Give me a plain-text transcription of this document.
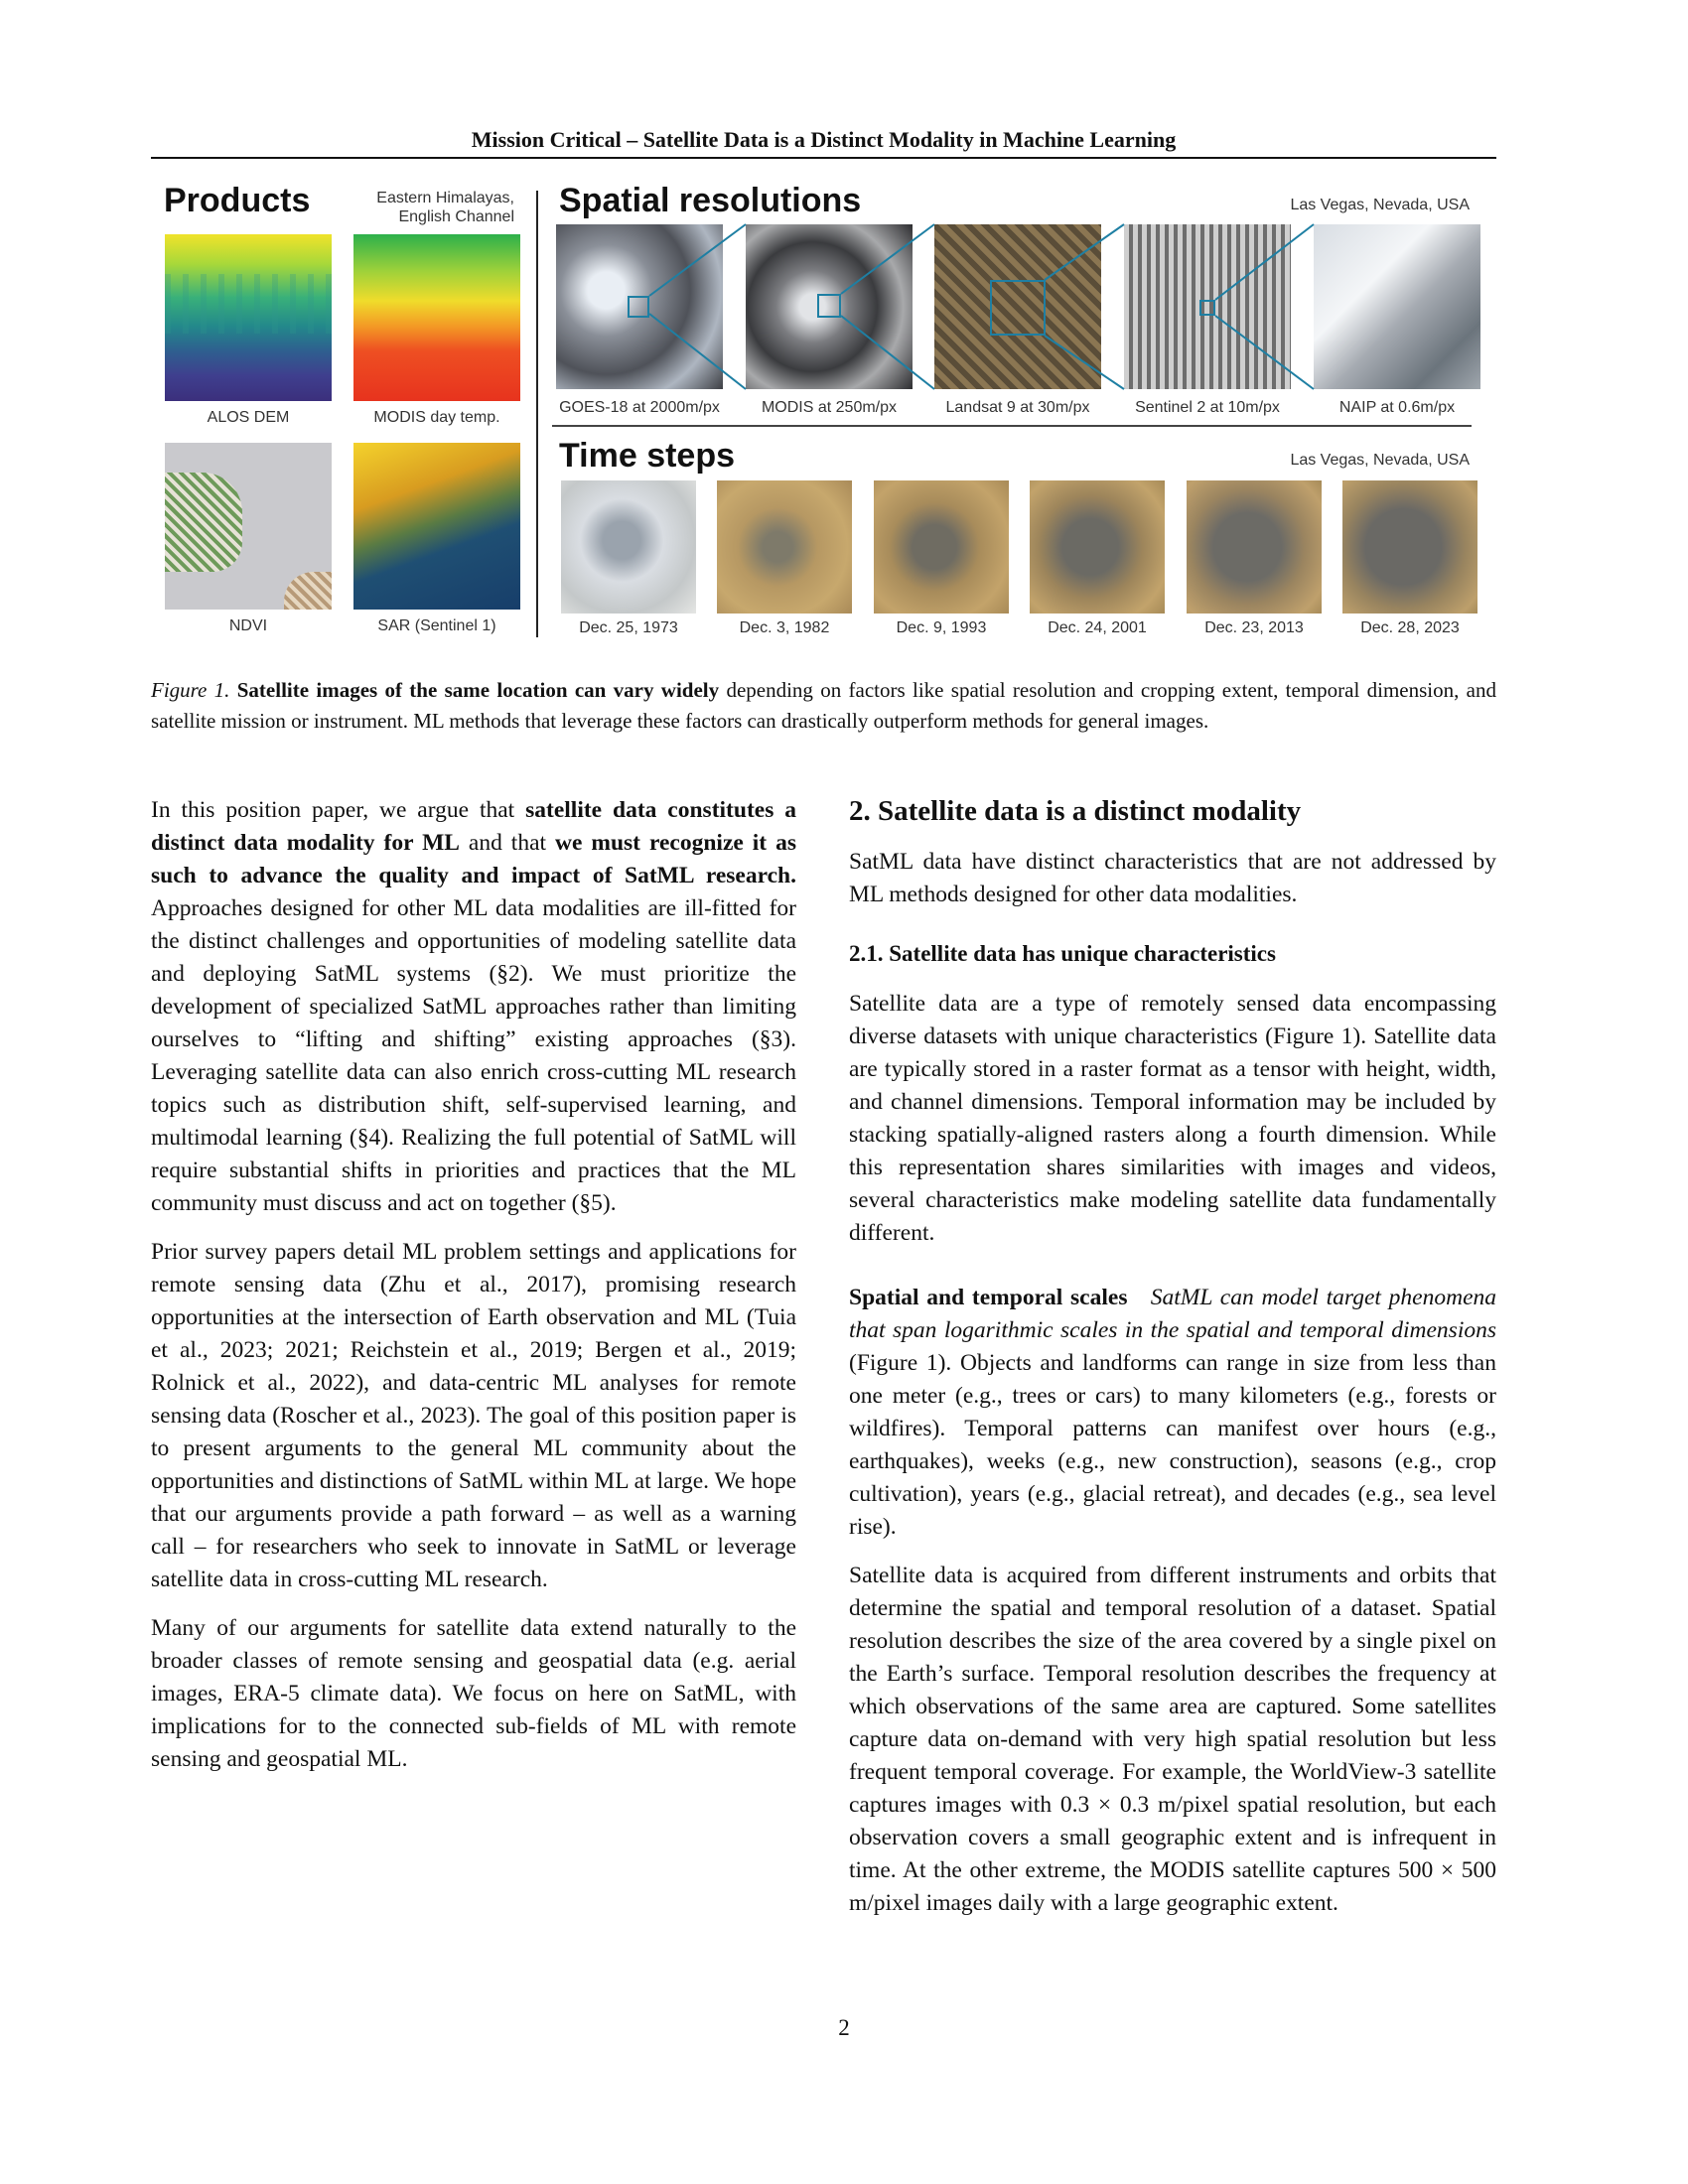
Mission Critical – Satellite Data is a Distinct Modality in Machine Learning
Products	Eastern Himalayas,
English Channel
ALOS DEM	MODIS day temp.
NDVI	SAR (Sentinel 1)
Spatial resolutions	Las Vegas, Nevada, USA
GOES-18 at 2000m/px	MODIS at 250m/px	Landsat 9 at 30m/px	Sentinel 2 at 10m/px	NAIP at 0.6m/px
Time steps	Las Vegas, Nevada, USA
Dec. 25, 1973	Dec. 3, 1982	Dec. 9, 1993	Dec. 24, 2001	Dec. 23, 2013	Dec. 28, 2023
Figure 1. Satellite images of the same location can vary widely depending on factors like spatial resolution and cropping extent, temporal dimension, and satellite mission or instrument. ML methods that leverage these factors can drastically outperform methods for general images.

In this position paper, we argue that satellite data constitutes a distinct data modality for ML and that we must recognize it as such to advance the quality and impact of SatML research. Approaches designed for other ML data modalities are ill-fitted for the distinct challenges and opportunities of modeling satellite data and deploying SatML systems (§2). We must prioritize the development of specialized SatML approaches rather than limiting ourselves to “lifting and shifting” existing approaches (§3). Leveraging satellite data can also enrich cross-cutting ML research topics such as distribution shift, self-supervised learning, and multimodal learning (§4). Realizing the full potential of SatML will require substantial shifts in priorities and practices that the ML community must discuss and act on together (§5).

Prior survey papers detail ML problem settings and applications for remote sensing data (Zhu et al., 2017), promising research opportunities at the intersection of Earth observation and ML (Tuia et al., 2023; 2021; Reichstein et al., 2019; Bergen et al., 2019; Rolnick et al., 2022), and data-centric ML analyses for remote sensing data (Roscher et al., 2023). The goal of this position paper is to present arguments to the general ML community about the opportunities and distinctions of SatML within ML at large. We hope that our arguments provide a path forward – as well as a warning call – for researchers who seek to innovate in SatML or leverage satellite data in cross-cutting ML research.

Many of our arguments for satellite data extend naturally to the broader classes of remote sensing and geospatial data (e.g. aerial images, ERA-5 climate data). We focus on here on SatML, with implications for to the connected sub-fields of ML with remote sensing and geospatial ML.

2. Satellite data is a distinct modality

SatML data have distinct characteristics that are not addressed by ML methods designed for other data modalities.

2.1. Satellite data has unique characteristics

Satellite data are a type of remotely sensed data encompassing diverse datasets with unique characteristics (Figure 1). Satellite data are typically stored in a raster format as a tensor with height, width, and channel dimensions. Temporal information may be included by stacking spatially-aligned rasters along a fourth dimension. While this representation shares similarities with images and videos, several characteristics make modeling satellite data fundamentally different.

Spatial and temporal scales SatML can model target phenomena that span logarithmic scales in the spatial and temporal dimensions (Figure 1). Objects and landforms can range in size from less than one meter (e.g., trees or cars) to many kilometers (e.g., forests or wildfires). Temporal patterns can manifest over hours (e.g., earthquakes), weeks (e.g., new construction), seasons (e.g., crop cultivation), years (e.g., glacial retreat), and decades (e.g., sea level rise).

Satellite data is acquired from different instruments and orbits that determine the spatial and temporal resolution of a dataset. Spatial resolution describes the size of the area covered by a single pixel on the Earth’s surface. Temporal resolution describes the frequency at which observations of the same area are captured. Some satellites capture data on-demand with very high spatial resolution but less frequent temporal coverage. For example, the WorldView-3 satellite captures images with 0.3 × 0.3 m/pixel spatial resolution, but each observation covers a small geographic extent and is infrequent in time. At the other extreme, the MODIS satellite captures 500 × 500 m/pixel images daily with a large geographic extent.

2
